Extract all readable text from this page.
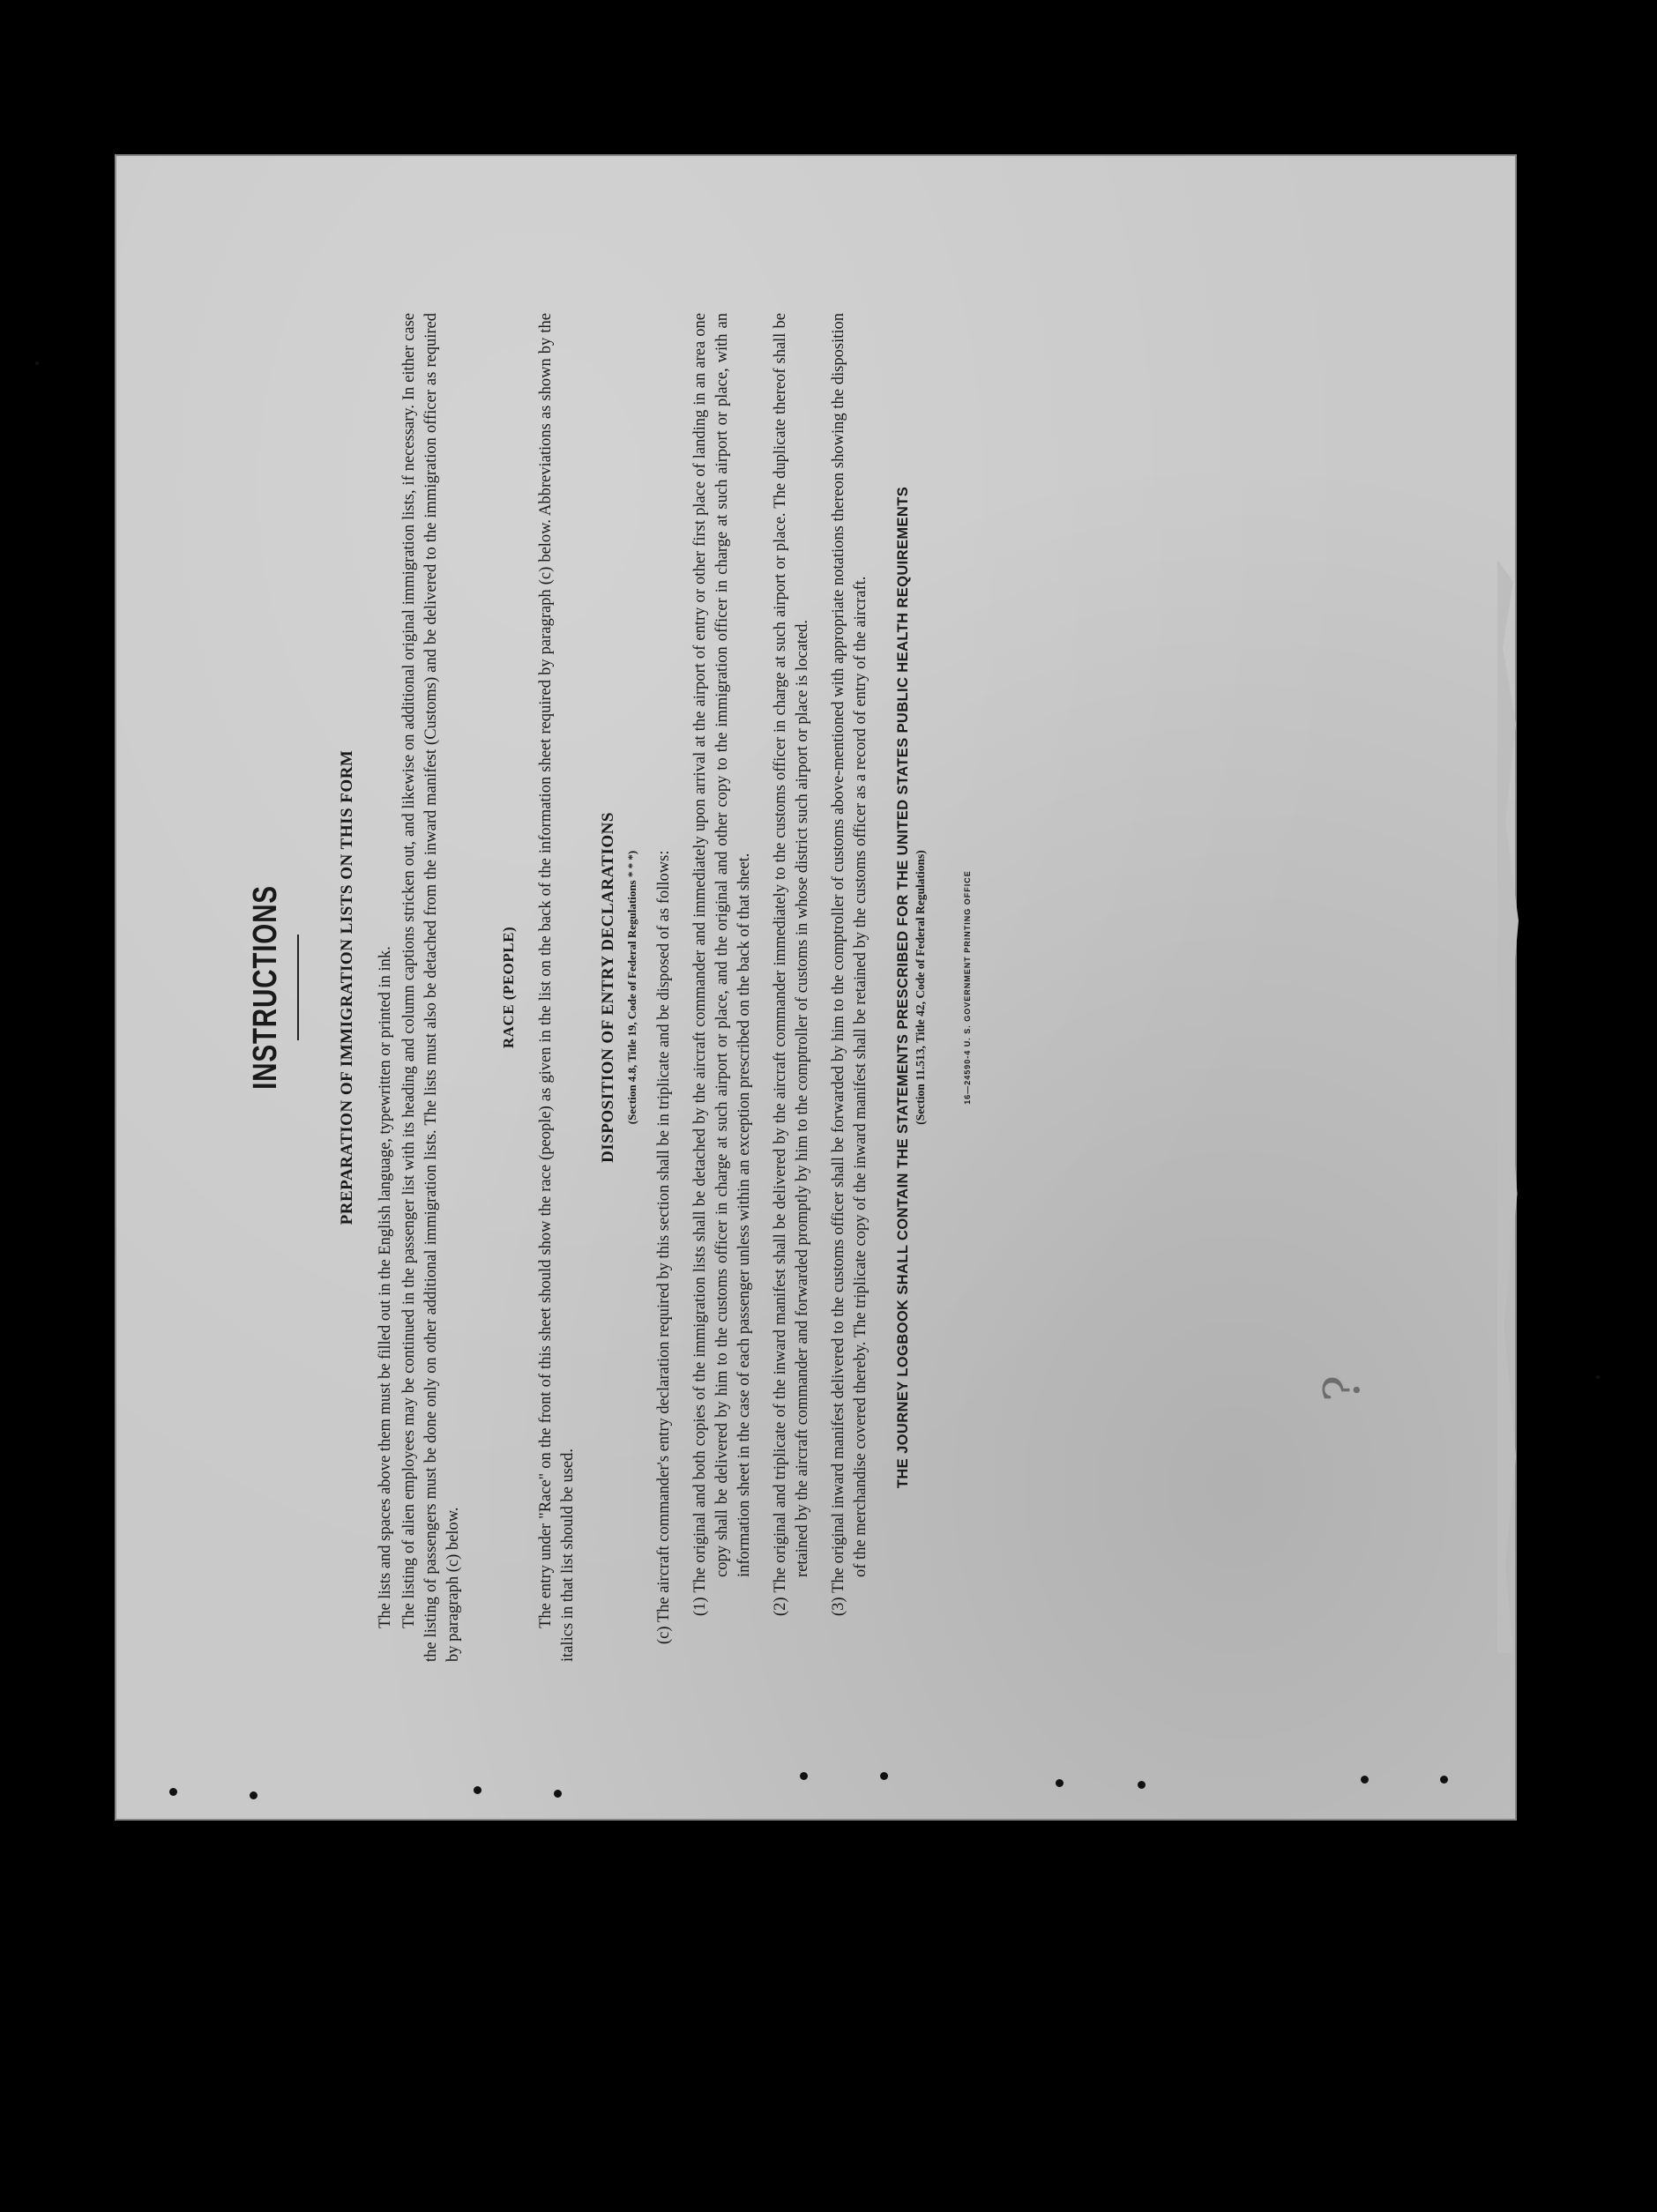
INSTRUCTIONS	PREPARATION OF IMMIGRATION LISTS ON THIS FORM The lists and spaces above them must be filled out in the English language, typewritten or printed in ink. The listing of alien employees may be continued in the passenger list with its heading and column captions stricken out, and likewise on additional original immigration lists, if necessary. In either case the listing of passengers must be done only on other additional immigration lists. The lists must also be detached from the inward manifest (Customs) and be delivered to the immigration officer as required by paragraph (c) below.

RACE (PEOPLE) The entry under "Race" on the front of this sheet should show the race (people) as given in the list on the back of the information sheet required by paragraph (c) below. Abbreviations as shown by the italics in that list should be used.

DISPOSITION OF ENTRY DECLARATIONS (Section 4.8, Title 19, Code of Federal Regulations * * *) (c) The aircraft commander's entry declaration required by this section shall be in triplicate and be disposed of as follows: (1) The original and both copies of the immigration lists shall be detached by the aircraft commander and immediately upon arrival at the airport of entry or other first place of landing in an area one copy shall be delivered by him to the customs officer in charge at such airport or place, and the original and other copy to the immigration officer in charge at such airport or place, with an information sheet in the case of each passenger unless within an exception prescribed on the back of that sheet. (2) The original and triplicate of the inward manifest shall be delivered by the aircraft commander immediately to the customs officer in charge at such airport or place. The duplicate thereof shall be retained by the aircraft commander and forwarded promptly by him to the comptroller of customs in whose district such airport or place is located. (3) The original inward manifest delivered to the customs officer shall be forwarded by him to the comptroller of customs above-mentioned with appropriate notations thereon showing the disposition of the merchandise covered thereby. The triplicate copy of the inward manifest shall be retained by the customs officer as a record of entry of the aircraft. THE JOURNEY LOGBOOK SHALL CONTAIN THE STATEMENTS PRESCRIBED FOR THE UNITED STATES PUBLIC HEALTH REQUIREMENTS (Section 11.513, Title 42, Code of Federal Regulations)	16—24590-4 U. S. GOVERNMENT PRINTING OFFICE
?
